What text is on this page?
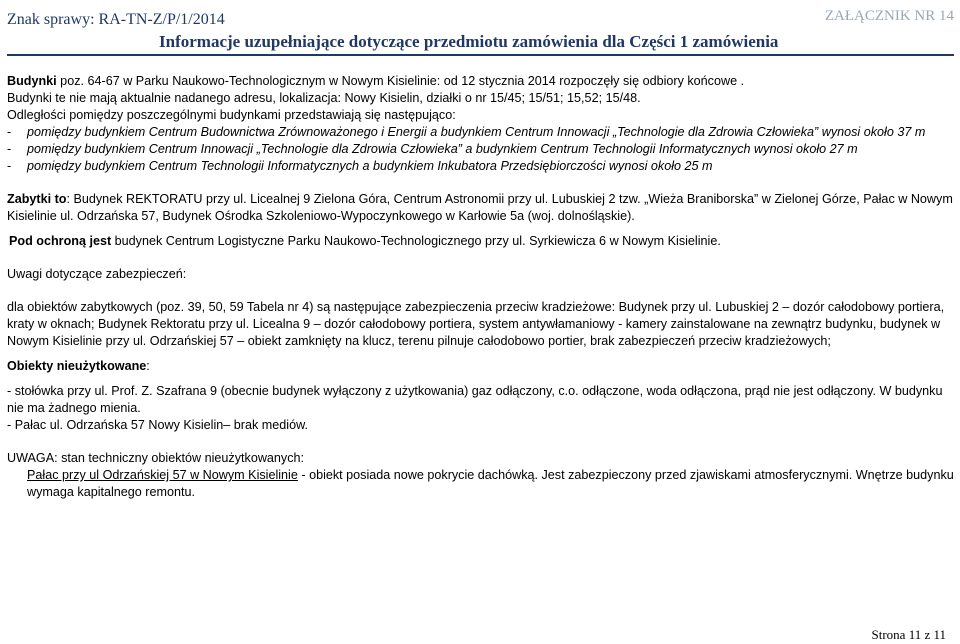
Znak sprawy: RA-TN-Z/P/1/2014	ZAŁĄCZNIK NR 14
Informacje uzupełniające dotyczące przedmiotu zamówienia dla Części 1 zamówienia

Budynki poz. 64-67 w Parku Naukowo-Technologicznym w Nowym Kisielinie: od 12 stycznia 2014 rozpoczęły się odbiory końcowe .

Budynki te nie mają aktualnie nadanego adresu, lokalizacja: Nowy Kisielin, działki o nr 15/45; 15/51; 15,52; 15/48.

Odległości pomiędzy poszczególnymi budynkami przedstawiają się następująco:
-	pomiędzy budynkiem Centrum Budownictwa Zrównoważonego i Energii a budynkiem Centrum Innowacji „Technologie dla Zdrowia Człowieka” wynosi około 37 m
-	pomiędzy budynkiem Centrum Innowacji „Technologie dla Zdrowia Człowieka” a budynkiem Centrum Technologii Informatycznych wynosi około 27 m
-	pomiędzy budynkiem Centrum Technologii Informatycznych a budynkiem Inkubatora Przedsiębiorczości wynosi około 25 m

Zabytki to: Budynek REKTORATU przy ul. Licealnej 9 Zielona Góra, Centrum Astronomii przy ul. Lubuskiej 2 tzw. „Wieża Braniborska” w Zielonej Górze, Pałac w Nowym Kisielinie ul. Odrzańska 57, Budynek Ośrodka Szkoleniowo-Wypoczynkowego w Karłowie 5a (woj. dolnośląskie).

Pod ochroną jest budynek Centrum Logistyczne Parku Naukowo-Technologicznego przy ul. Syrkiewicza 6 w Nowym Kisielinie.

Uwagi dotyczące zabezpieczeń:

dla obiektów zabytkowych (poz. 39, 50, 59 Tabela nr 4) są następujące zabezpieczenia przeciw kradzieżowe: Budynek przy ul. Lubuskiej 2 – dozór całodobowy portiera, kraty w oknach; Budynek Rektoratu przy ul. Licealna 9 – dozór całodobowy portiera, system antywłamaniowy - kamery zainstalowane na zewnątrz budynku, budynek w Nowym Kisielinie przy ul. Odrzańskiej 57 – obiekt zamknięty na klucz, terenu pilnuje całodobowo portier, brak zabezpieczeń przeciw kradzieżowych;

Obiekty nieużytkowane:

- stołówka przy ul. Prof. Z. Szafrana 9 (obecnie budynek wyłączony z użytkowania) gaz odłączony, c.o. odłączone, woda odłączona, prąd nie jest odłączony. W budynku nie ma żadnego mienia.

- Pałac ul. Odrzańska 57 Nowy Kisielin– brak mediów.

UWAGA: stan techniczny obiektów nieużytkowanych:

Pałac przy ul Odrzańskiej 57 w Nowym Kisielinie - obiekt posiada nowe pokrycie dachówką. Jest zabezpieczony przed zjawiskami atmosferycznymi. Wnętrze budynku wymaga kapitalnego remontu.

Strona 11 z 11
